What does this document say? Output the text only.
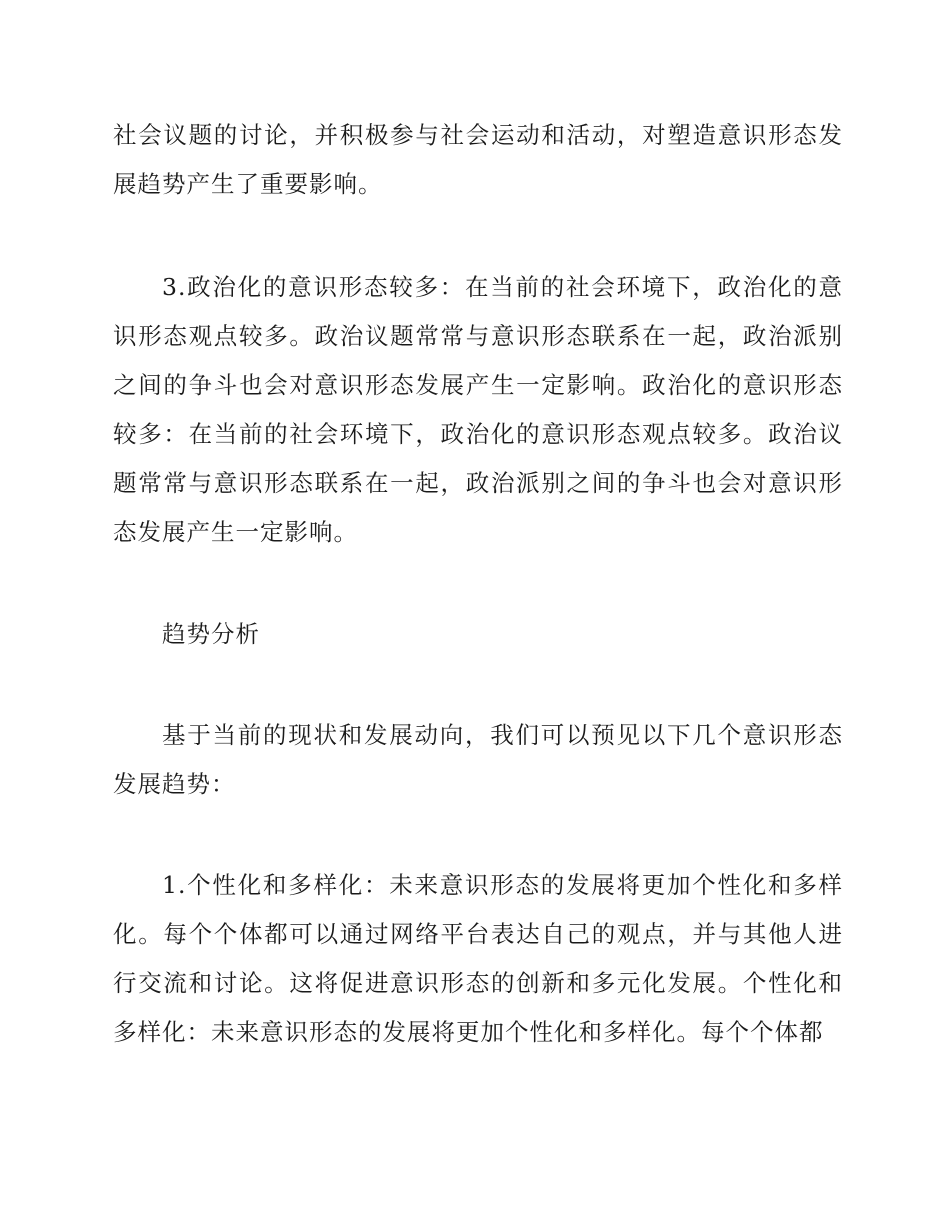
社会议题的讨论，并积极参与社会运动和活动，对塑造意识形态发展趋势产生了重要影响。

3.政治化的意识形态较多：在当前的社会环境下，政治化的意识形态观点较多。政治议题常常与意识形态联系在一起，政治派别之间的争斗也会对意识形态发展产生一定影响。政治化的意识形态较多：在当前的社会环境下，政治化的意识形态观点较多。政治议题常常与意识形态联系在一起，政治派别之间的争斗也会对意识形态发展产生一定影响。

趋势分析

基于当前的现状和发展动向，我们可以预见以下几个意识形态发展趋势：

1.个性化和多样化：未来意识形态的发展将更加个性化和多样化。每个个体都可以通过网络平台表达自己的观点，并与其他人进行交流和讨论。这将促进意识形态的创新和多元化发展。个性化和多样化：未来意识形态的发展将更加个性化和多样化。每个个体都
